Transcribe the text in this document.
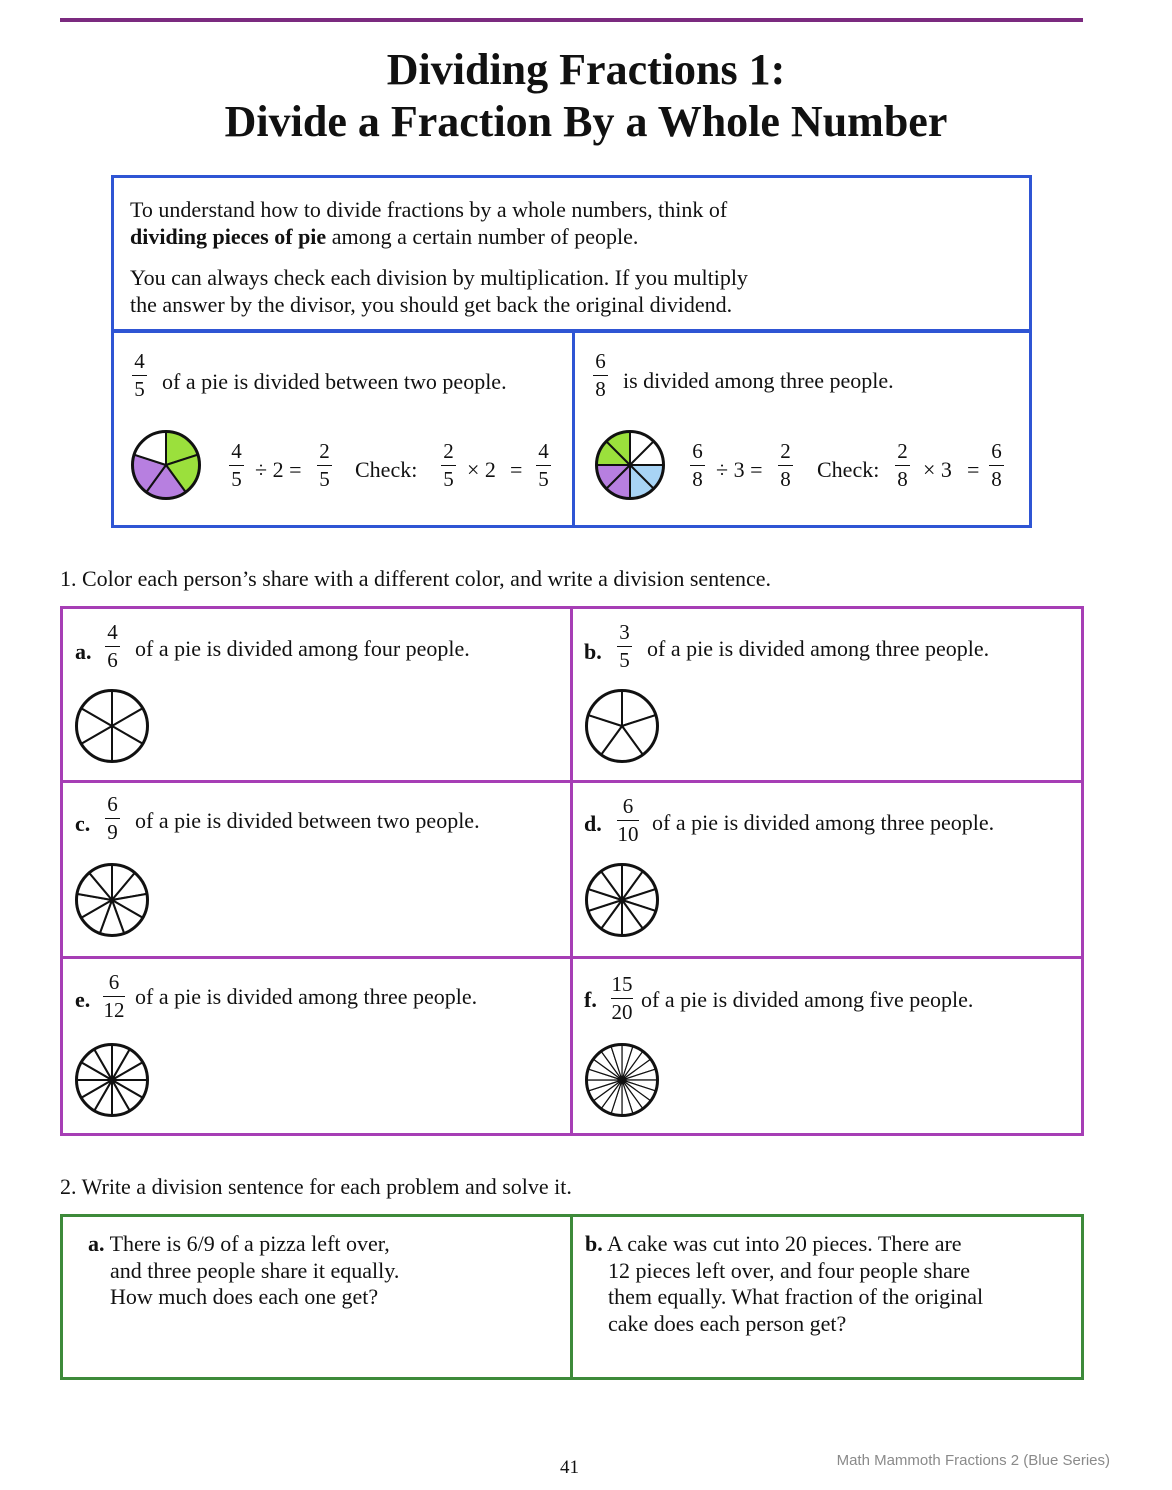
Dividing Fractions 1:
Divide a Fraction By a Whole Number

To understand how to divide fractions by a whole numbers, think of

dividing pieces of pie among a certain number of people.

You can always check each division by multiplication. If you multiply

the answer by the divisor, you should get back the original dividend.

4
5 of a pie is divided between two people.
4
5 ÷ 2 =
2
5 Check:
2
5 × 2 =
4
5
6
8 is divided among three people.
6
8 ÷ 3 =
2
8 Check:
2
8 × 3 =
6
8
1. Color each person’s share with a different color, and write a division sentence.
a.
4
6 of a pie is divided among four people.	b.
3
5 of a pie is divided among three people.
c.
6
9 of a pie is divided between two people.	d.
6
10 of a pie is divided among three people.
e.
6
12
of a pie is divided among three people.	f.
15
20 of a pie is divided among five people.
2. Write a division sentence for each problem and solve it.
a. There is 6/9 of a pizza left over,
and three people share it equally.
How much does each one get?
b. A cake was cut into 20 pieces. There are
12 pieces left over, and four people share
them equally. What fraction of the original
cake does each person get?
41	Math Mammoth Fractions 2 (Blue Series)
